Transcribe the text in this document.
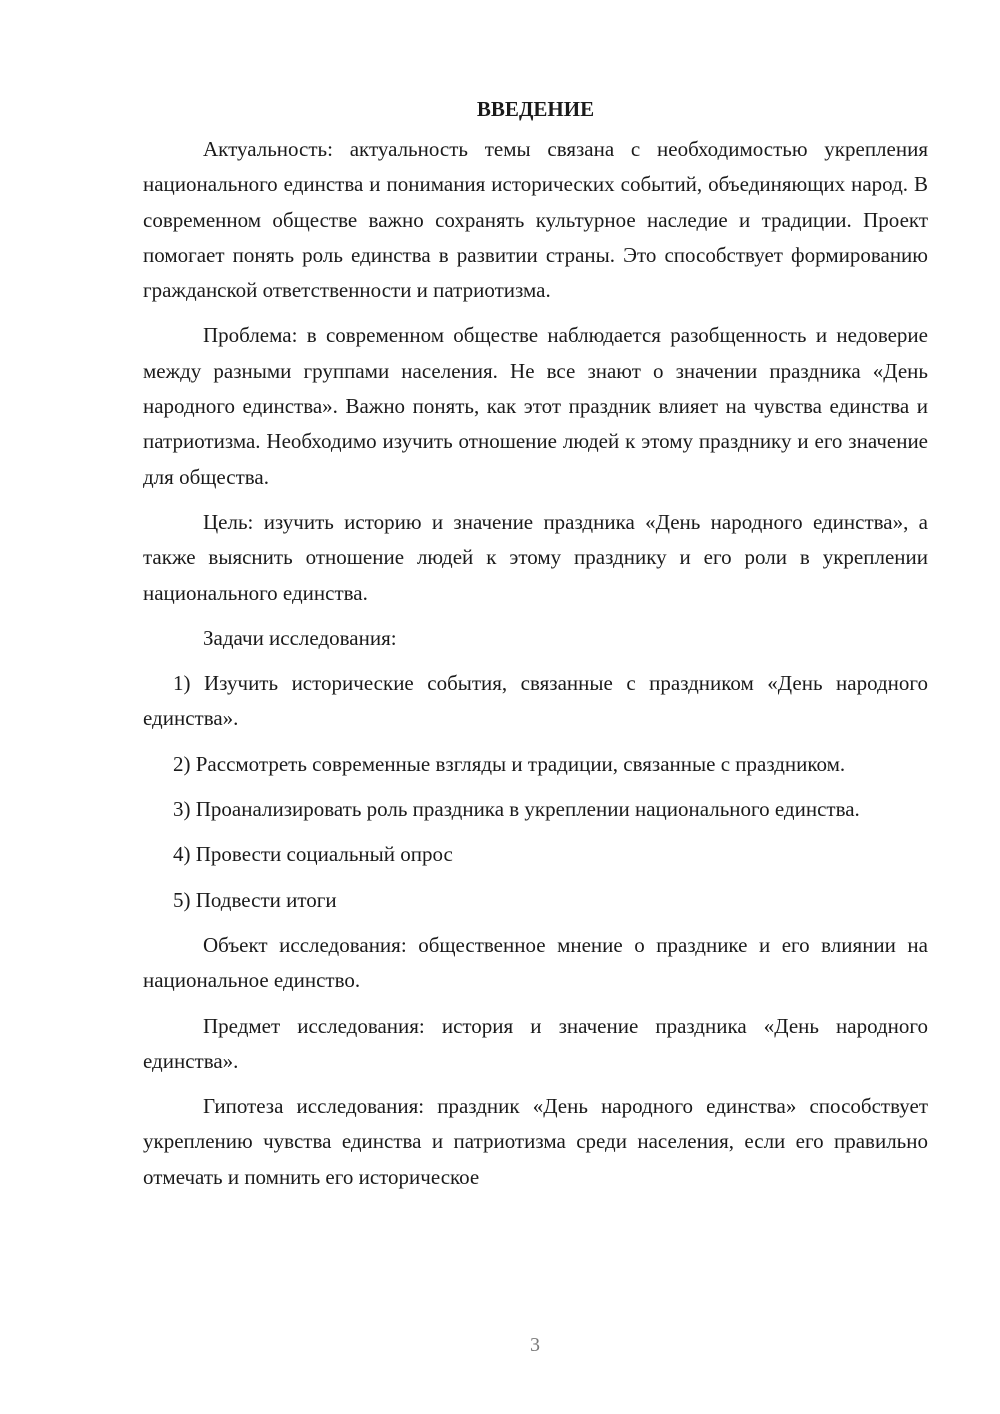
ВВЕДЕНИЕ

Актуальность: актуальность темы связана с необходимостью укрепления национального единства и понимания исторических событий, объединяющих народ. В современном обществе важно сохранять культурное наследие и традиции. Проект помогает понять роль единства в развитии страны. Это способствует формированию гражданской ответственности и патриотизма.

Проблема: в современном обществе наблюдается разобщенность и недоверие между разными группами населения. Не все знают о значении праздника «День народного единства». Важно понять, как этот праздник влияет на чувства единства и патриотизма. Необходимо изучить отношение людей к этому празднику и его значение для общества.

Цель: изучить историю и значение праздника «День народного единства», а также выяснить отношение людей к этому празднику и его роли в укреплении национального единства.

Задачи исследования:

1) Изучить исторические события, связанные с праздником «День народного единства».

2) Рассмотреть современные взгляды и традиции, связанные с праздником.

3) Проанализировать роль праздника в укреплении национального единства.

4) Провести социальный опрос

5) Подвести итоги

Объект исследования: общественное мнение о празднике и его влиянии на национальное единство.

Предмет исследования: история и значение праздника «День народного единства».

Гипотеза исследования: праздник «День народного единства» способствует укреплению чувства единства и патриотизма среди населения, если его правильно отмечать и помнить его историческое

3
